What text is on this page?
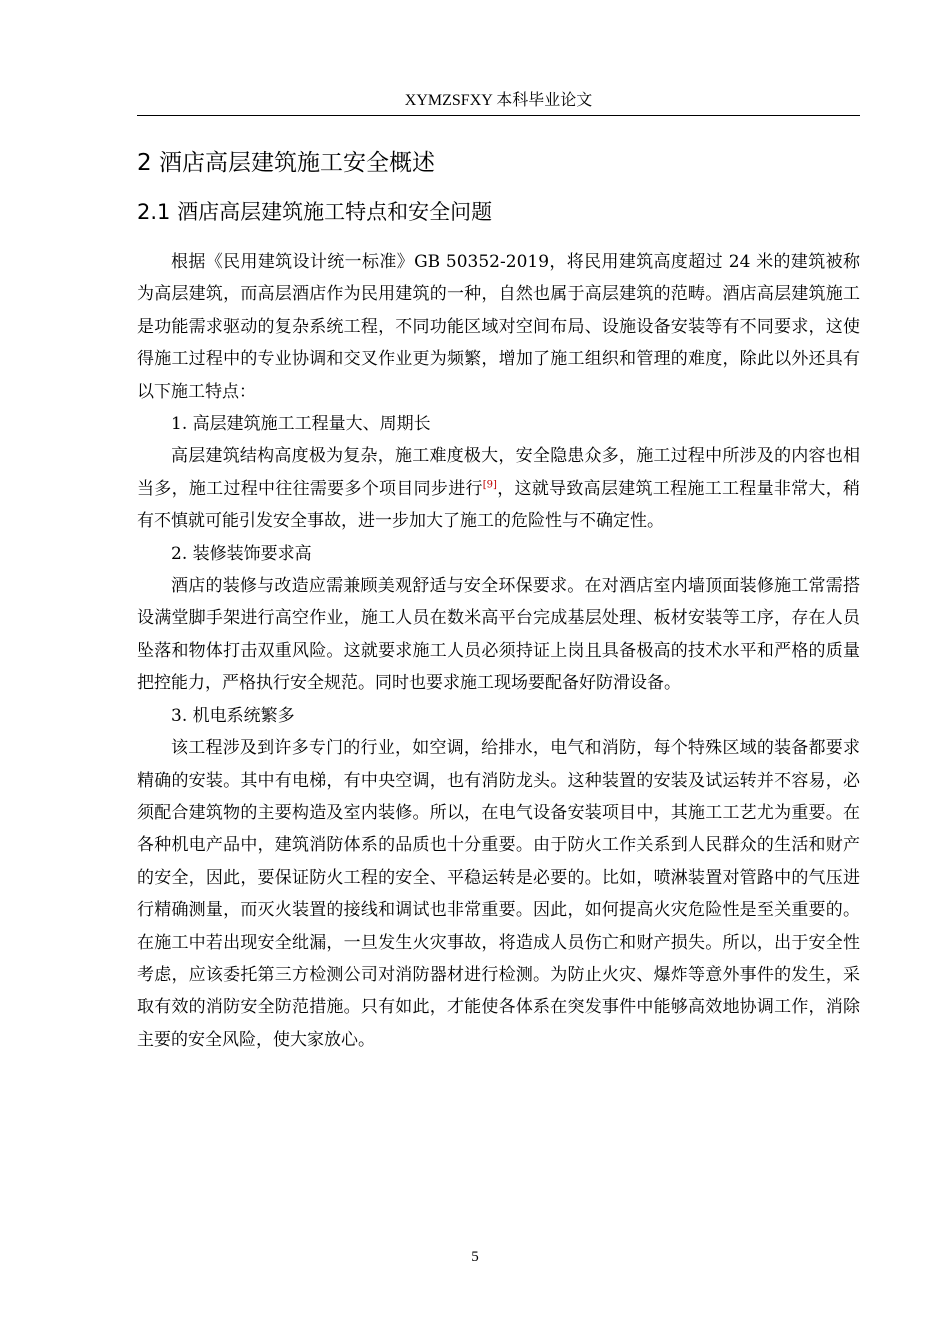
XYMZSFXY 本科毕业论文
2 酒店高层建筑施工安全概述
2.1 酒店高层建筑施工特点和安全问题

根据《民用建筑设计统一标准》GB 50352-2019，将民用建筑高度超过 24 米的建筑被称为高层建筑，而高层酒店作为民用建筑的一种，自然也属于高层建筑的范畴。酒店高层建筑施工是功能需求驱动的复杂系统工程，不同功能区域对空间布局、设施设备安装等有不同要求，这使得施工过程中的专业协调和交叉作业更为频繁，增加了施工组织和管理的难度，除此以外还具有以下施工特点：

1. 高层建筑施工工程量大、周期长

高层建筑结构高度极为复杂，施工难度极大，安全隐患众多，施工过程中所涉及的内容也相当多，施工过程中往往需要多个项目同步进行[9]，这就导致高层建筑工程施工工程量非常大，稍有不慎就可能引发安全事故，进一步加大了施工的危险性与不确定性。

2. 装修装饰要求高

酒店的装修与改造应需兼顾美观舒适与安全环保要求。在对酒店室内墙顶面装修施工常需搭设满堂脚手架进行高空作业，施工人员在数米高平台完成基层处理、板材安装等工序，存在人员坠落和物体打击双重风险。这就要求施工人员必须持证上岗且具备极高的技术水平和严格的质量把控能力，严格执行安全规范。同时也要求施工现场要配备好防滑设备。

3. 机电系统繁多

该工程涉及到许多专门的行业，如空调，给排水，电气和消防，每个特殊区域的装备都要求精确的安装。其中有电梯，有中央空调，也有消防龙头。这种装置的安装及试运转并不容易，必须配合建筑物的主要构造及室内装修。所以，在电气设备安装项目中，其施工工艺尤为重要。在各种机电产品中，建筑消防体系的品质也十分重要。由于防火工作关系到人民群众的生活和财产的安全，因此，要保证防火工程的安全、平稳运转是必要的。比如，喷淋装置对管路中的气压进行精确测量，而灭火装置的接线和调试也非常重要。因此，如何提高火灾危险性是至关重要的。在施工中若出现安全纰漏，一旦发生火灾事故，将造成人员伤亡和财产损失。所以，出于安全性考虑，应该委托第三方检测公司对消防器材进行检测。为防止火灾、爆炸等意外事件的发生，采取有效的消防安全防范措施。只有如此，才能使各体系在突发事件中能够高效地协调工作，消除主要的安全风险，使大家放心。

5
